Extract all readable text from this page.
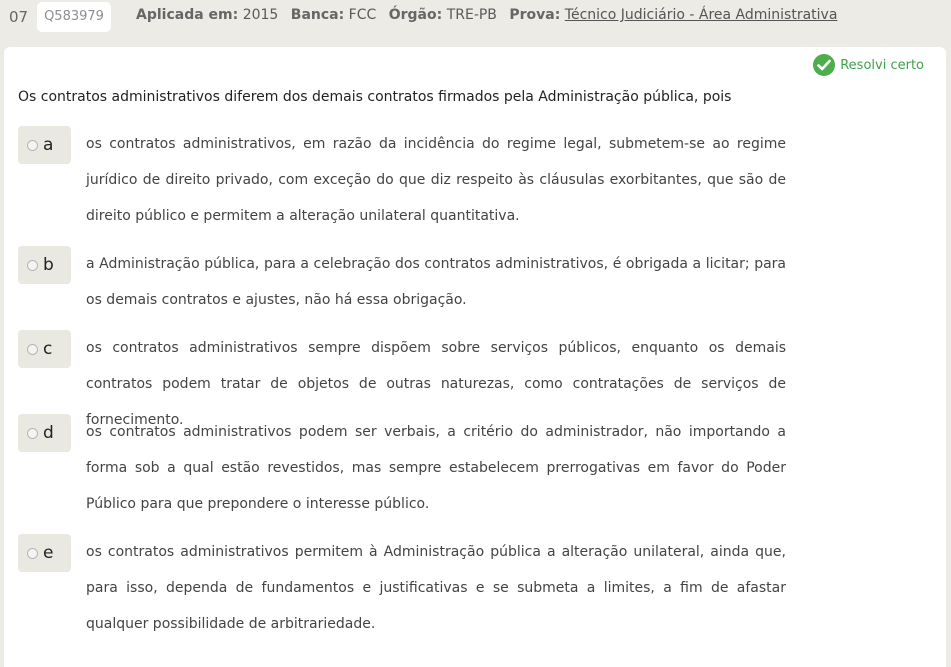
07	Q583979	Aplicada em: 2015 Banca: FCC Órgão: TRE-PB Prova: Técnico Judiciário - Área Administrativa
Resolvi certo
Os contratos administrativos diferem dos demais contratos firmados pela Administração pública, pois
a os contratos administrativos, em razão da incidência do regime legal, submetem-se ao regime jurídico de direito privado, com exceção do que diz respeito às cláusulas exorbitantes, que são de direito público e permitem a alteração unilateral quantitativa.
b a Administração pública, para a celebração dos contratos administrativos, é obrigada a licitar; para os demais contratos e ajustes, não há essa obrigação.
c os contratos administrativos sempre dispõem sobre serviços públicos, enquanto os demais contratos podem tratar de objetos de outras naturezas, como contratações de serviços de fornecimento.
d os contratos administrativos podem ser verbais, a critério do administrador, não importando a forma sob a qual estão revestidos, mas sempre estabelecem prerrogativas em favor do Poder Público para que prepondere o interesse público.
e os contratos administrativos permitem à Administração pública a alteração unilateral, ainda que, para isso, dependa de fundamentos e justificativas e se submeta a limites, a fim de afastar qualquer possibilidade de arbitrariedade.
